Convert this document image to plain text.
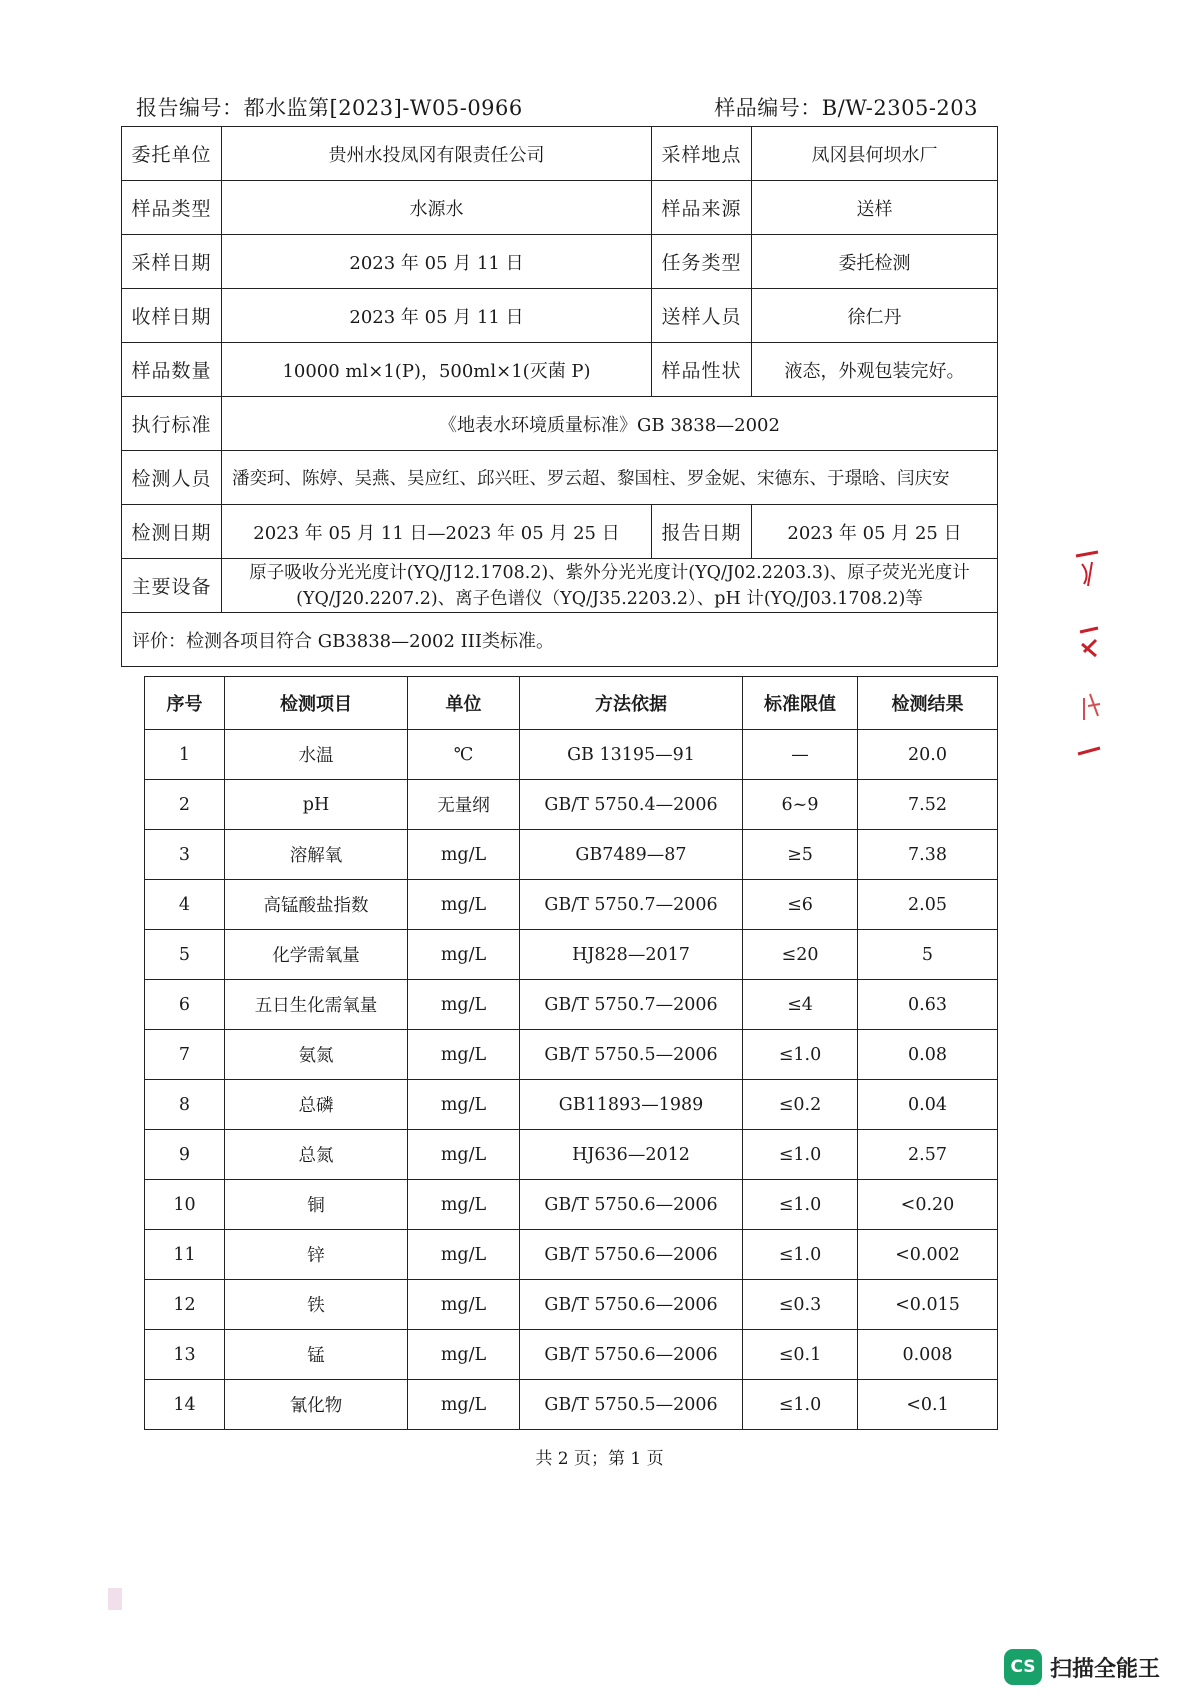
报告编号：都水监第[2023]-W05-0966	样品编号：B/W-2305-203
委托单位	贵州水投凤冈有限责任公司	采样地点	凤冈县何坝水厂
样品类型	水源水	样品来源	送样
采样日期	2023 年 05 月 11 日	任务类型	委托检测
收样日期	2023 年 05 月 11 日	送样人员	徐仁丹
样品数量	10000 ml×1(P)，500ml×1(灭菌 P)	样品性状	液态，外观包装完好。
执行标准	《地表水环境质量标准》GB 3838—2002		
检测人员	潘奕珂、陈婷、吴燕、吴应红、邱兴旺、罗云超、黎国柱、罗金妮、宋德东、于璟晗、闫庆安		
检测日期	2023 年 05 月 11 日—2023 年 05 月 25 日	报告日期	2023 年 05 月 25 日
主要设备	原子吸收分光光度计(YQ/J12.1708.2)、紫外分光光度计(YQ/J02.2203.3)、原子荧光光度计
(YQ/J20.2207.2)、离子色谱仪（YQ/J35.2203.2）、pH 计(YQ/J03.1708.2)等		

评价：检测各项目符合 GB3838—2002 III类标准。			
序号	检测项目	单位	方法依据	标准限值	检测结果
1	水温	℃	GB 13195—91	—	20.0
2	pH	无量纲	GB/T 5750.4—2006	6~9	7.52
3	溶解氧	mg/L	GB7489—87	≥5	7.38
4	高锰酸盐指数	mg/L	GB/T 5750.7—2006	≤6	2.05
5	化学需氧量	mg/L	HJ828—2017	≤20	5
6	五日生化需氧量	mg/L	GB/T 5750.7—2006	≤4	0.63
7	氨氮	mg/L	GB/T 5750.5—2006	≤1.0	0.08
8	总磷	mg/L	GB11893—1989	≤0.2	0.04
9	总氮	mg/L	HJ636—2012	≤1.0	2.57
10	铜	mg/L	GB/T 5750.6—2006	≤1.0	<0.20
11	锌	mg/L	GB/T 5750.6—2006	≤1.0	<0.002
12	铁	mg/L	GB/T 5750.6—2006	≤0.3	<0.015
13	锰	mg/L	GB/T 5750.6—2006	≤0.1	0.008
14	氰化物	mg/L	GB/T 5750.5—2006	≤1.0	<0.1
共 2 页；第 1 页
CS 扫描全能王
